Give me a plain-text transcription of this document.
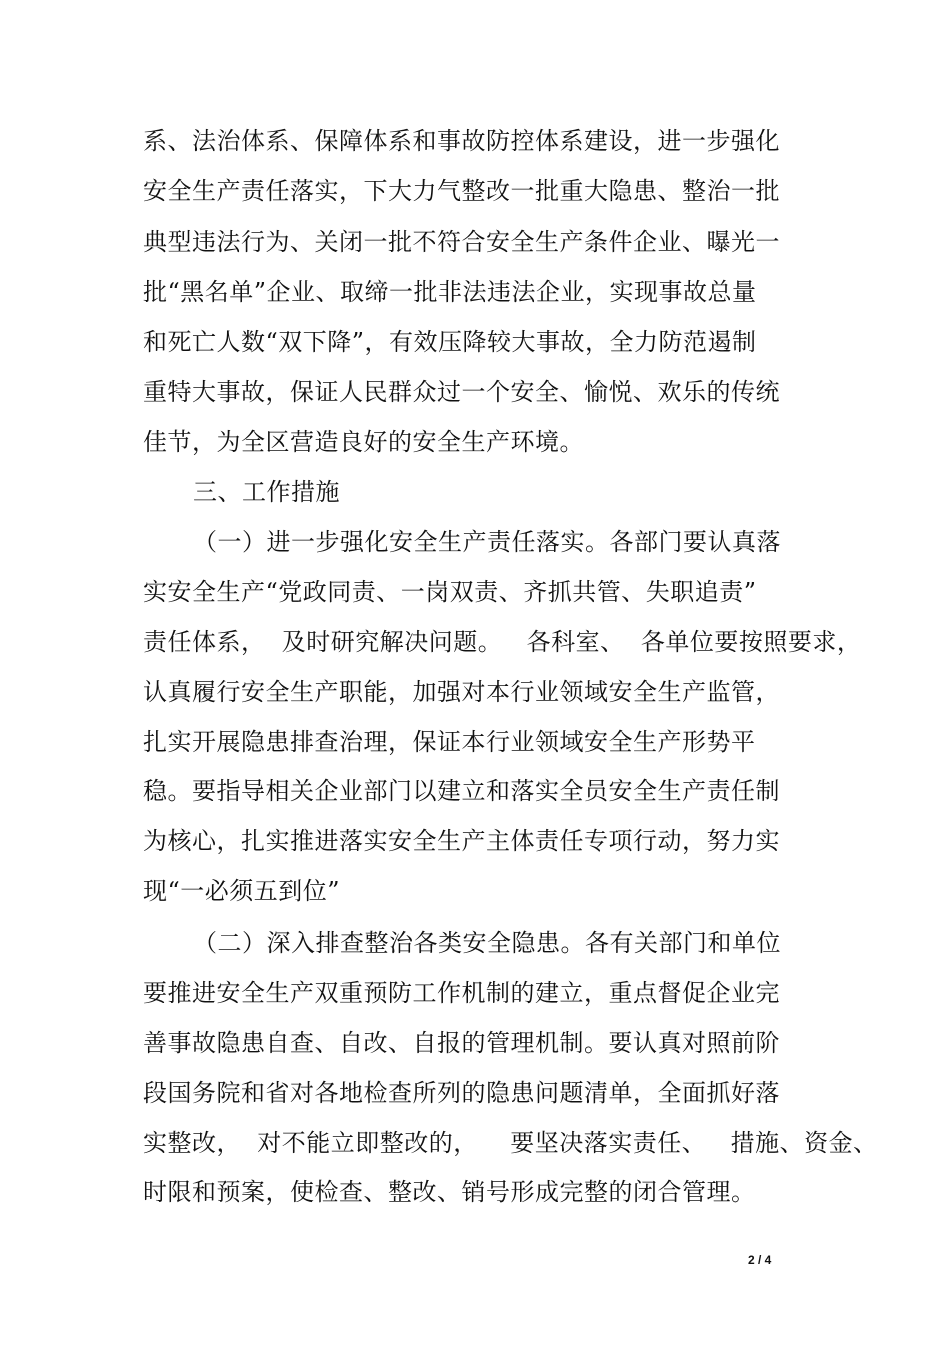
系、法治体系、保障体系和事故防控体系建设，进一步强化
安全生产责任落实，下大力气整改一批重大隐患、整治一批
典型违法行为、关闭一批不符合安全生产条件企业、曝光一
批“黑名单”企业、取缔一批非法违法企业，实现事故总量
和死亡人数“双下降”，有效压降较大事故，全力防范遏制
重特大事故，保证人民群众过一个安全、愉悦、欢乐的传统
佳节，为全区营造良好的安全生产环境。
三、工作措施
（一）进一步强化安全生产责任落实。各部门要认真落
实安全生产“党政同责、一岗双责、齐抓共管、失职追责”
责任体系，  及时研究解决问题。   各科室、  各单位要按照要求，
认真履行安全生产职能，加强对本行业领域安全生产监管，
扎实开展隐患排查治理，保证本行业领域安全生产形势平
稳。要指导相关企业部门以建立和落实全员安全生产责任制
为核心，扎实推进落实安全生产主体责任专项行动，努力实
现“一必须五到位”
（二）深入排查整治各类安全隐患。各有关部门和单位
要推进安全生产双重预防工作机制的建立，重点督促企业完
善事故隐患自查、自改、自报的管理机制。要认真对照前阶
段国务院和省对各地检查所列的隐患问题清单，全面抓好落
实整改，  对不能立即整改的，    要坚决落实责任、   措施、资金、
时限和预案，使检查、整改、销号形成完整的闭合管理。
2 / 4
